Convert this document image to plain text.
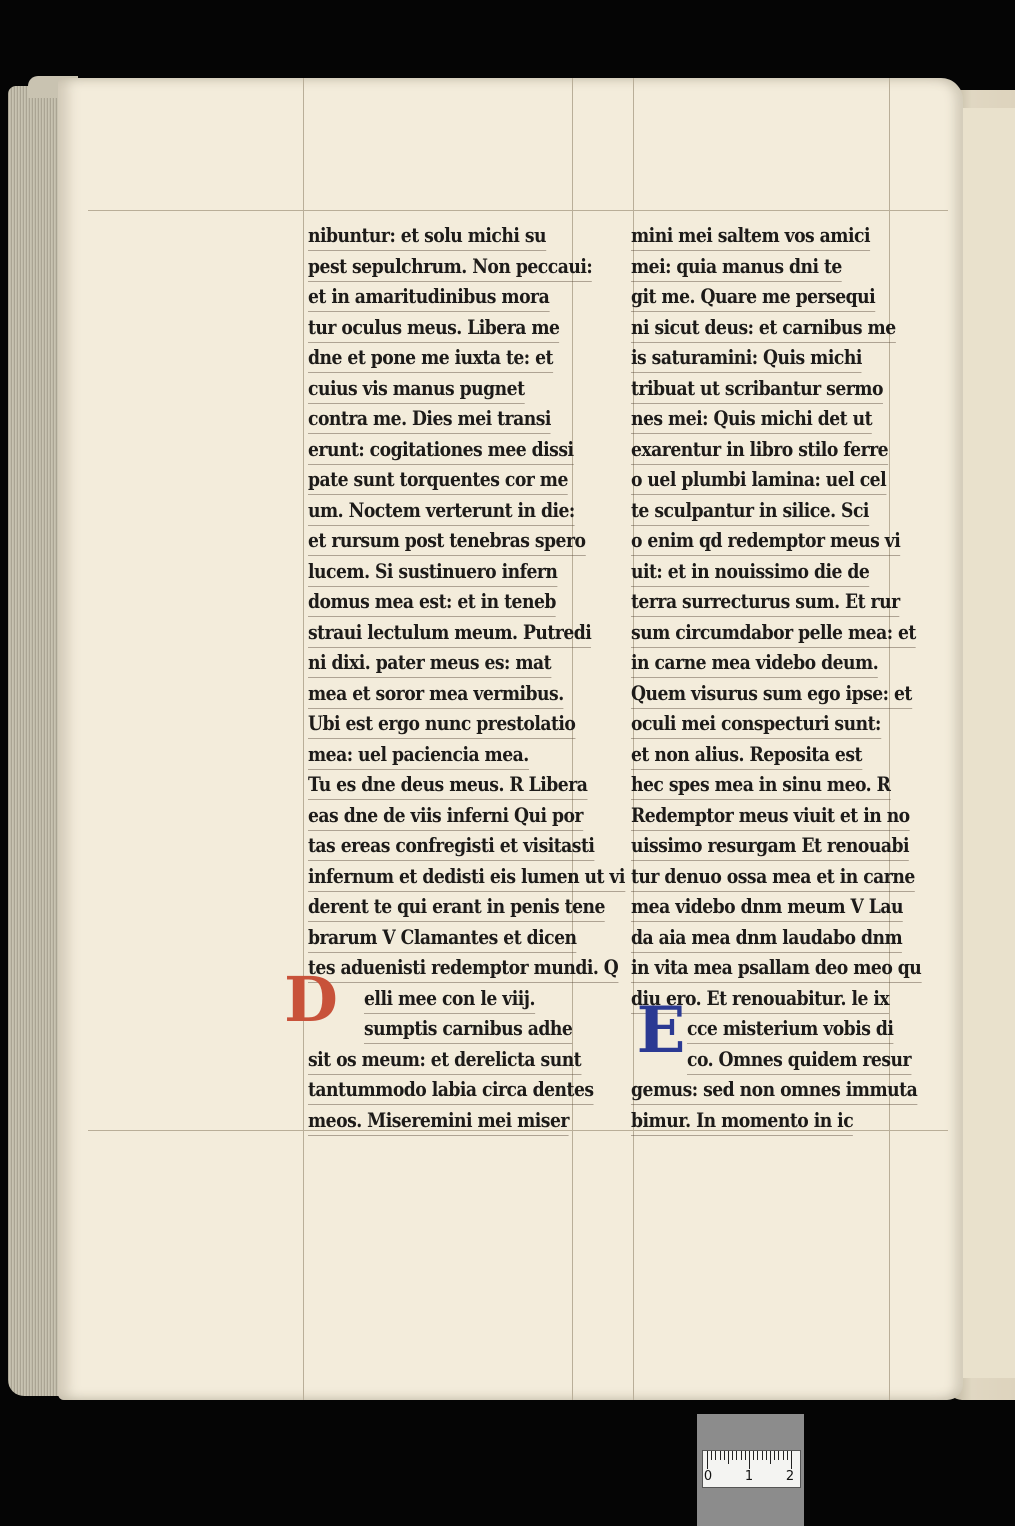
nibuntur: et solu michi su
pest sepulchrum. Non peccaui:
et in amaritudinibus mora
tur oculus meus. Libera me
dne et pone me iuxta te: et
cuius vis manus pugnet
contra me. Dies mei transi
erunt: cogitationes mee dissi
pate sunt torquentes cor me
um. Noctem verterunt in die:
et rursum post tenebras spero
lucem. Si sustinuero infern
domus mea est: et in teneb
straui lectulum meum. Putredi
ni dixi. pater meus es: mat
mea et soror mea vermibus.
Ubi est ergo nunc prestolatio
mea: uel paciencia mea.
Tu es dne deus meus. R Libera
eas dne de viis inferni Qui por
tas ereas confregisti et visitasti
infernum et dedisti eis lumen ut vi
derent te qui erant in penis tene
brarum V Clamantes et dicen
tes aduenisti redemptor mundi. Q
elli mee con le viij.
sumptis carnibus adhe
sit os meum: et derelicta sunt
tantummodo labia circa dentes
meos. Miseremini mei miser
mini mei saltem vos amici
mei: quia manus dni te
git me. Quare me persequi
ni sicut deus: et carnibus me
is saturamini: Quis michi
tribuat ut scribantur sermo
nes mei: Quis michi det ut
exarentur in libro stilo ferre
o uel plumbi lamina: uel cel
te sculpantur in silice. Sci
o enim qd redemptor meus vi
uit: et in nouissimo die de
terra surrecturus sum. Et rur
sum circumdabor pelle mea: et
in carne mea videbo deum.
Quem visurus sum ego ipse: et
oculi mei conspecturi sunt:
et non alius. Reposita est
hec spes mea in sinu meo. R
Redemptor meus viuit et in no
uissimo resurgam Et renouabi
tur denuo ossa mea et in carne
mea videbo dnm meum V Lau
da aia mea dnm laudabo dnm
in vita mea psallam deo meo qu
diu ero. Et renouabitur. le ix
cce misterium vobis di
co. Omnes quidem resur
gemus: sed non omnes immuta
bimur. In momento in ic
D	E
0	1	2
